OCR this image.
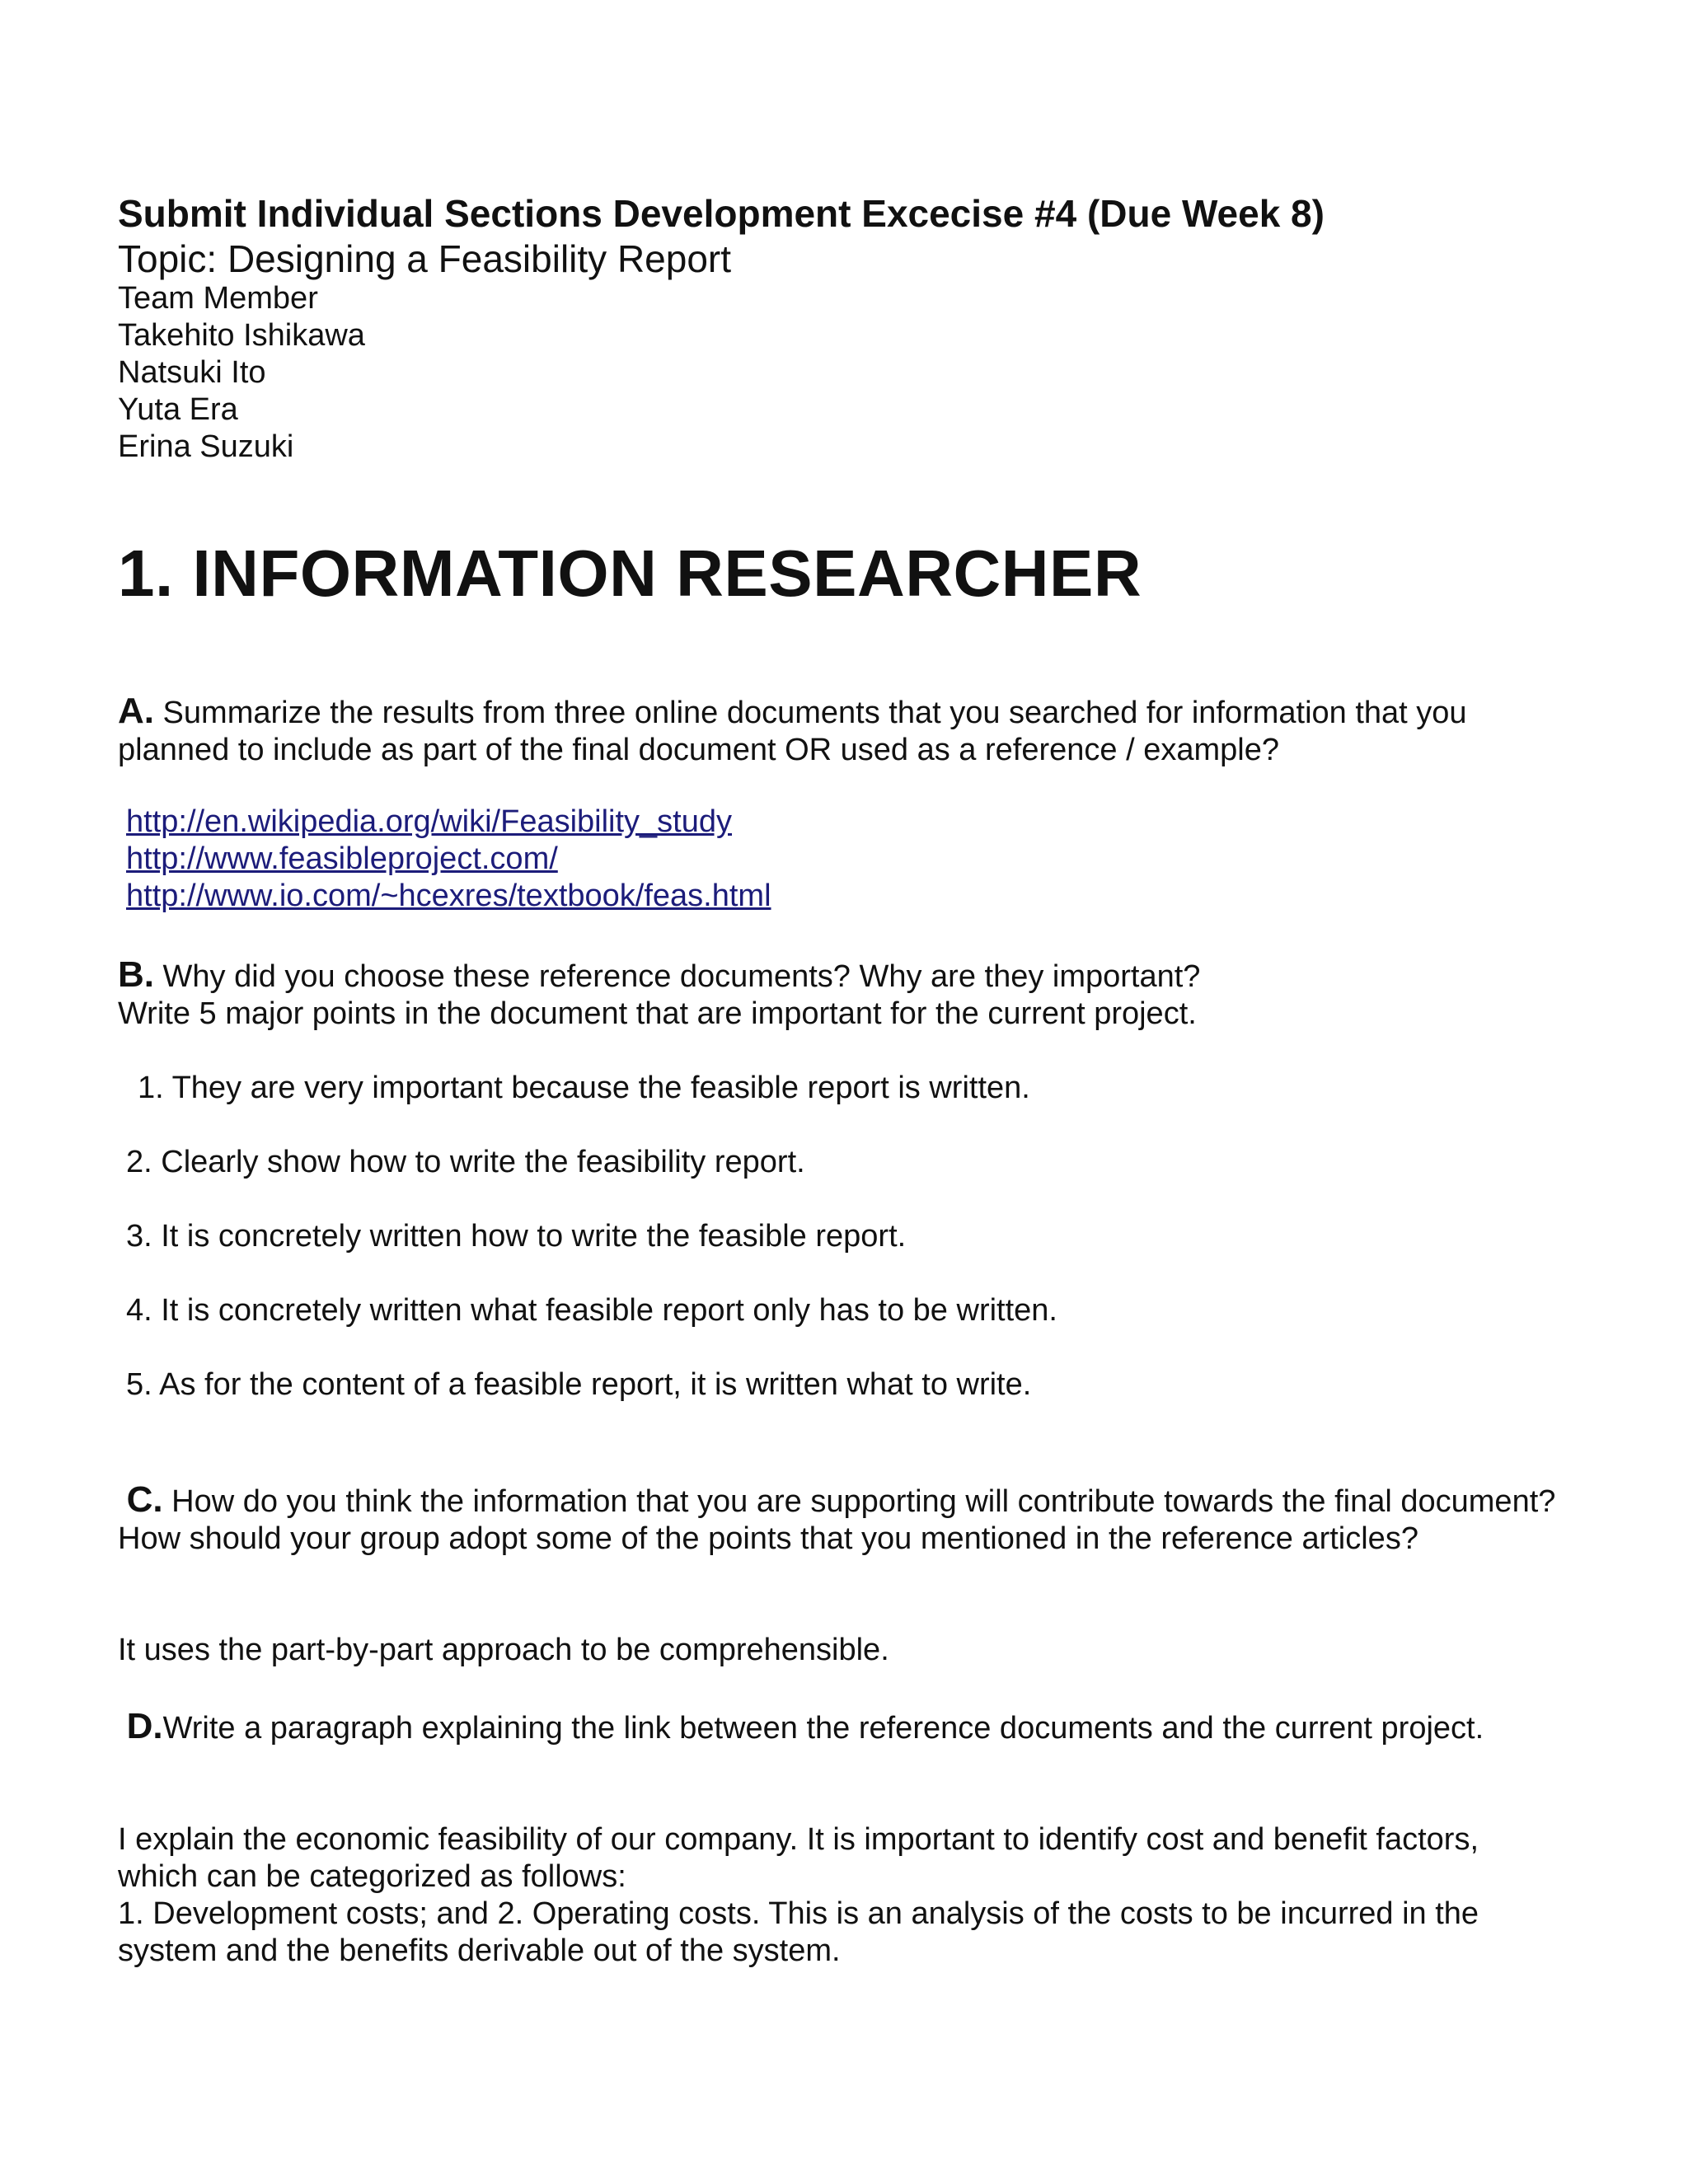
Submit Individual Sections Development Excecise #4 (Due Week 8)
Topic: Designing a Feasibility Report
Team Member
Takehito Ishikawa
Natsuki Ito
Yuta Era
Erina Suzuki
1. INFORMATION RESEARCHER

A. Summarize the results from three online documents that you searched for information that you planned to include as part of the final document OR used as a reference / example?

http://en.wikipedia.org/wiki/Feasibility_study
http://www.feasibleproject.com/
http://www.io.com/~hcexres/textbook/feas.html

B. Why did you choose these reference documents? Why are they important?
Write 5 major points in the document that are important for the current project.

1. They are very important because the feasible report is written.
2. Clearly show how to write the feasibility report.
3. It is concretely written how to write the feasible report.
4. It is concretely written what feasible report only has to be written.
5. As for the content of a feasible report, it is written what to write.

C. How do you think the information that you are supporting will contribute towards the final document? How should your group adopt some of the points that you mentioned in the reference articles?

It uses the part-by-part approach to be comprehensible.

D.Write a paragraph explaining the link between the reference documents and the current project.

I explain the economic feasibility of our company. It is important to identify cost and benefit factors, which can be categorized as follows:
1. Development costs; and 2. Operating costs. This is an analysis of the costs to be incurred in the system and the benefits derivable out of the system.
